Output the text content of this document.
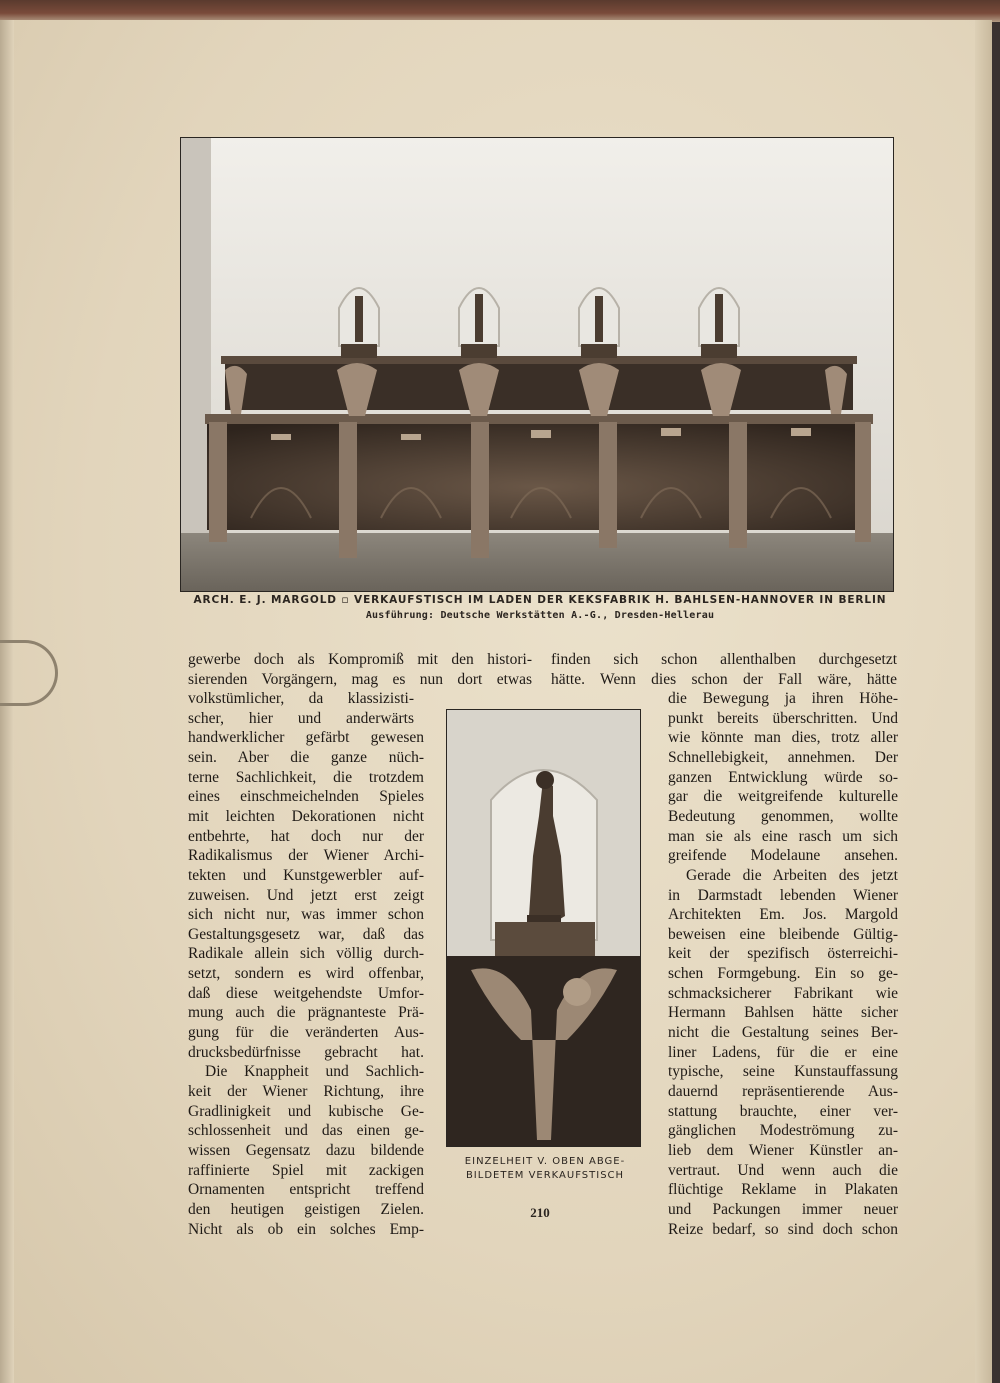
ARCH. E. J. MARGOLD ▫ VERKAUFSTISCH IM LADEN DER KEKSFABRIK H. BAHLSEN-HANNOVER IN BERLIN
Ausführung: Deutsche Werkstätten A.-G., Dresden-Hellerau
EINZELHEIT V. OBEN ABGE-
BILDETEM VERKAUFSTISCH
gewerbe doch als Kompromiß mit den histori-
sierenden Vorgängern, mag es nun dort etwas
volkstümlicher, da klassizisti-
scher, hier und anderwärts
handwerklicher gefärbt gewesen
sein. Aber die ganze nüch-
terne Sachlichkeit, die trotzdem
eines einschmeichelnden Spieles
mit leichten Dekorationen nicht
entbehrte, hat doch nur der
Radikalismus der Wiener Archi-
tekten und Kunstgewerbler auf-
zuweisen. Und jetzt erst zeigt
sich nicht nur, was immer schon
Gestaltungsgesetz war, daß das
Radikale allein sich völlig durch-
setzt, sondern es wird offenbar,
daß diese weitgehendste Umfor-
mung auch die prägnanteste Prä-
gung für die veränderten Aus-
drucksbedürfnisse gebracht hat.
Die Knappheit und Sachlich-
keit der Wiener Richtung, ihre
Gradlinigkeit und kubische Ge-
schlossenheit und das einen ge-
wissen Gegensatz dazu bildende
raffinierte Spiel mit zackigen
Ornamenten entspricht treffend
den heutigen geistigen Zielen.
Nicht als ob ein solches Emp-
finden sich schon allenthalben durchgesetzt
hätte. Wenn dies schon der Fall wäre, hätte
die Bewegung ja ihren Höhe-
punkt bereits überschritten. Und
wie könnte man dies, trotz aller
Schnellebigkeit, annehmen. Der
ganzen Entwicklung würde so-
gar die weitgreifende kulturelle
Bedeutung genommen, wollte
man sie als eine rasch um sich
greifende Modelaune ansehen.
Gerade die Arbeiten des jetzt
in Darmstadt lebenden Wiener
Architekten Em. Jos. Margold
beweisen eine bleibende Gültig-
keit der spezifisch österreichi-
schen Formgebung. Ein so ge-
schmacksicherer Fabrikant wie
Hermann Bahlsen hätte sicher
nicht die Gestaltung seines Ber-
liner Ladens, für die er eine
typische, seine Kunstauffassung
dauernd repräsentierende Aus-
stattung brauchte, einer ver-
gänglichen Modeströmung zu-
lieb dem Wiener Künstler an-
vertraut. Und wenn auch die
flüchtige Reklame in Plakaten
und Packungen immer neuer
Reize bedarf, so sind doch schon
210
